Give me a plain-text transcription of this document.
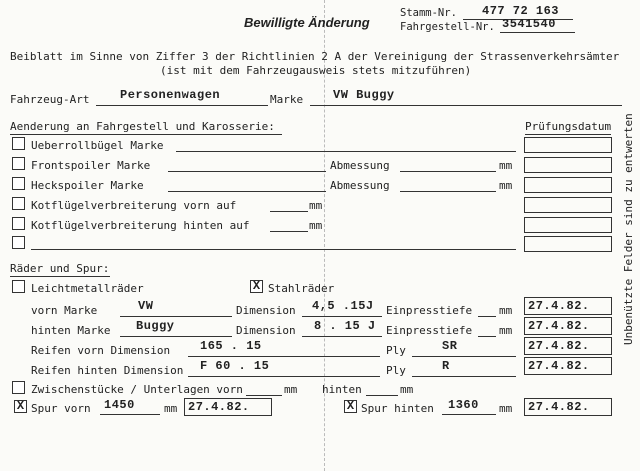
Bewilligte Änderung
Stamm-Nr. 477 72 163
Fahrgestell-Nr. 3541540
Beiblatt im Sinne von Ziffer 3 der Richtlinien 2 A der Vereinigung der Strassenverkehrsämter
(ist mit dem Fahrzeugausweis stets mitzuführen)
Fahrzeug-Art	Personenwagen	Marke VW Buggy
Aenderung an Fahrgestell und Karosserie:	Prüfungsdatum
Ueberrollbügel Marke
Frontspoiler Marke	Abmessung	mm
Heckspoiler Marke	Abmessung	mm
Kotflügelverbreiterung vorn auf	mm
Kotflügelverbreiterung hinten auf	mm
Räder und Spur:
Leichtmetallräder	X Stahlräder
vorn Marke	VW	Dimension 4,5 .15J Einpresstiefe mm 27.4.82.
hinten Marke Buggy	Dimension 8 . 15 J Einpresstiefe mm 27.4.82.
Reifen vorn Dimension 165 . 15	Ply	SR	27.4.82.
Reifen hinten Dimension F 60 . 15	Ply	R	27.4.82.
Zwischenstücke / Unterlagen vorn	mm hinten	mm
X Spur vorn 1450	mm 27.4.82.	X Spur hinten 1360 mm 27.4.82.
Unbenützte Felder sind zu entwerten
